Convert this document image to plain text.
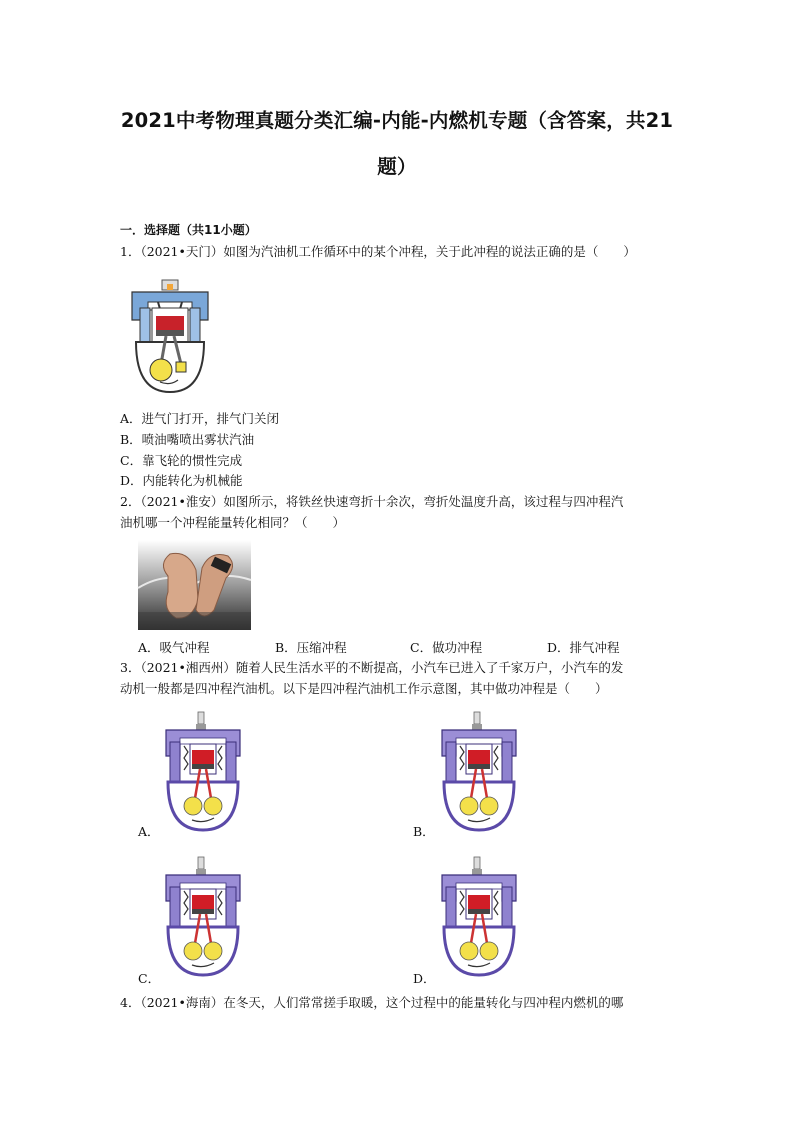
2021中考物理真题分类汇编-内能-内燃机专题（含答案，共21
题）
一．选择题（共11小题）
1．（2021•天门）如图为汽油机工作循环中的某个冲程，关于此冲程的说法正确的是（　　）
A．进气门打开，排气门关闭
B．喷油嘴喷出雾状汽油
C．靠飞轮的惯性完成
D．内能转化为机械能
2．（2021•淮安）如图所示，将铁丝快速弯折十余次，弯折处温度升高，该过程与四冲程汽
油机哪一个冲程能量转化相同？（　　）
A．吸气冲程	B．压缩冲程	C．做功冲程	D．排气冲程
3．（2021•湘西州）随着人民生活水平的不断提高，小汽车已进入了千家万户，小汽车的发
动机一般都是四冲程汽油机。以下是四冲程汽油机工作示意图，其中做功冲程是（　　）
A．	B．
C．	D．
4．（2021•海南）在冬天，人们常常搓手取暖，这个过程中的能量转化与四冲程内燃机的哪
